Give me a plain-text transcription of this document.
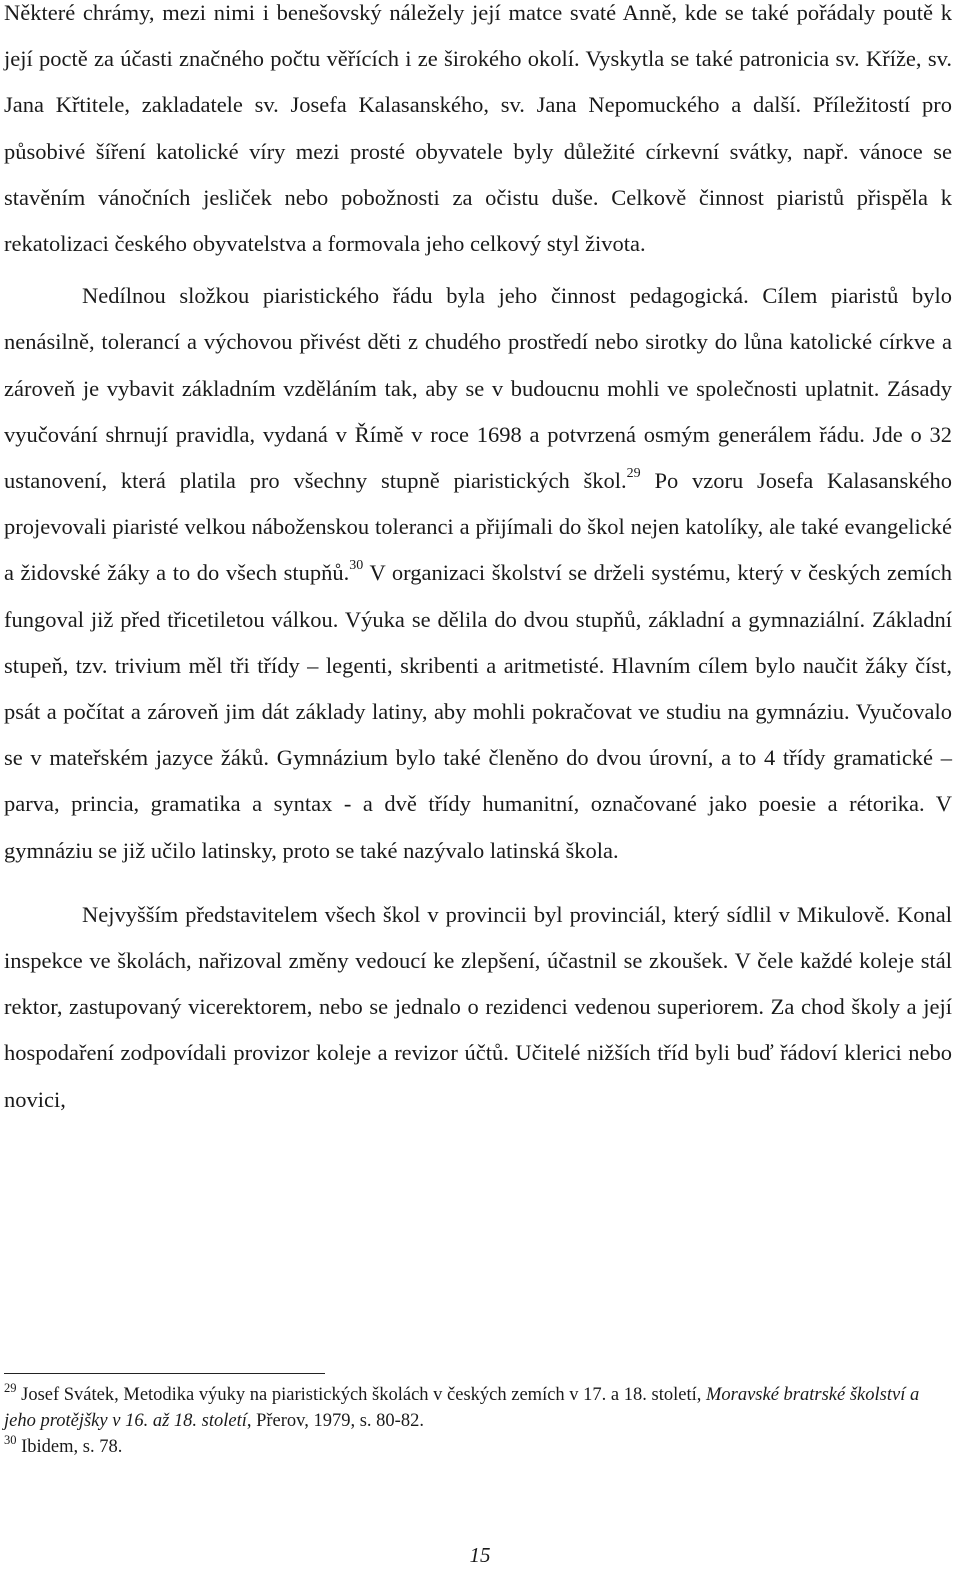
Některé chrámy, mezi nimi i benešovský náležely její matce svaté Anně, kde se také pořádaly poutě k její poctě za účasti značného počtu věřících i ze širokého okolí. Vyskytla se také patronicia sv. Kříže, sv. Jana Křtitele, zakladatele sv. Josefa Kalasanského, sv. Jana Nepomuckého a další. Příležitostí pro působivé šíření katolické víry mezi prosté obyvatele byly důležité církevní svátky, např. vánoce se stavěním vánočních jesliček nebo pobožnosti za očistu duše. Celkově činnost piaristů přispěla k rekatolizaci českého obyvatelstva a formovala jeho celkový styl života.

Nedílnou složkou piaristického řádu byla jeho činnost pedagogická. Cílem piaristů bylo nenásilně, tolerancí a výchovou přivést děti z chudého prostředí nebo sirotky do lůna katolické církve a zároveň je vybavit základním vzděláním tak, aby se v budoucnu mohli ve společnosti uplatnit. Zásady vyučování shrnují pravidla, vydaná v Římě v roce 1698 a potvrzená osmým generálem řádu. Jde o 32 ustanovení, která platila pro všechny stupně piaristických škol.$^{29}$ Po vzoru Josefa Kalasanského projevovali piaristé velkou náboženskou toleranci a přijímali do škol nejen katolíky, ale také evangelické a židovské žáky a to do všech stupňů.$^{30}$ V organizaci školství se drželi systému, který v českých zemích fungoval již před třicetiletou válkou. Výuka se dělila do dvou stupňů, základní a gymnaziální. Základní stupeň, tzv. trivium měl tři třídy – legenti, skribenti a aritmetisté. Hlavním cílem bylo naučit žáky číst, psát a počítat a zároveň jim dát základy latiny, aby mohli pokračovat ve studiu na gymnáziu. Vyučovalo se v mateřském jazyce žáků. Gymnázium bylo také členěno do dvou úrovní, a to 4 třídy gramatické – parva, princia, gramatika a syntax - a dvě třídy humanitní, označované jako poesie a rétorika. V gymnáziu se již učilo latinsky, proto se také nazývalo latinská škola.

Nejvyšším představitelem všech škol v provincii byl provinciál, který sídlil v Mikulově. Konal inspekce ve školách, nařizoval změny vedoucí ke zlepšení, účastnil se zkoušek. V čele každé koleje stál rektor, zastupovaný vicerektorem, nebo se jednalo o rezidenci vedenou superiorem. Za chod školy a její hospodaření zodpovídali provizor koleje a revizor účtů. Učitelé nižších tříd byli buď řádoví klerici nebo novici,

$^{29}$ Josef Svátek, Metodika výuky na piaristických školách v českých zemích v 17. a 18. století, Moravské bratrské školství a jeho protějšky v 16. až 18. století, Přerov, 1979, s. 80-82.

$^{30}$ Ibidem, s. 78.

15
